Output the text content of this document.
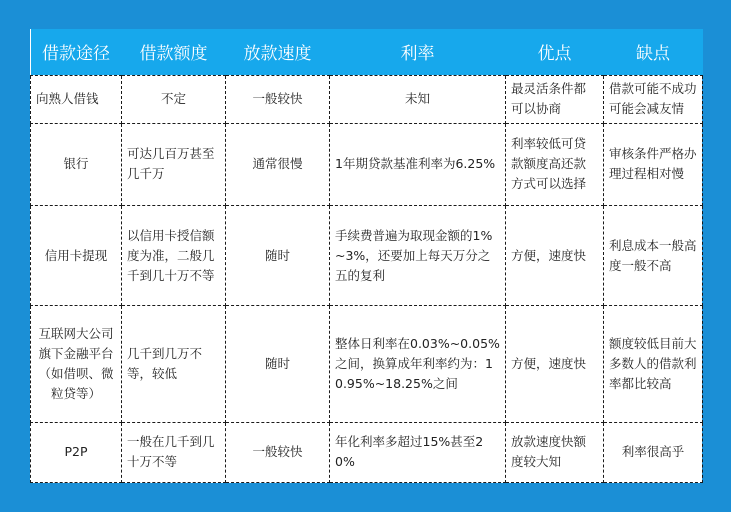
借款途径	借款额度	放款速度	利率	优点	缺点
向熟人借钱	不定	一般较快	未知	最灵活条件都可以协商	借款可能不成功可能会减友情
银行	可达几百万甚至几千万	通常很慢	1年期贷款基准利率为6.25%	利率较低可贷款额度高还款方式可以选择	审核条件严格办理过程相对慢
信用卡提现	以信用卡授信额度为准，二般几千到几十万不等	随时	手续费普遍为取现金额的1%~3%，还要加上每天万分之五的复利	方便，速度快	利息成本一般高度一般不高
互联网大公司旗下金融平台（如借呗、微粒贷等）	几千到几万不等，较低	随时	整体日利率在0.03%~0.05%之间，换算成年利率约为：10.95%~18.25%之间	方便，速度快	额度较低目前大多数人的借款利率都比较高
P2P	一般在几千到几十万不等	一般较快	年化利率多超过15%甚至20%	放款速度快额度较大知	利率很高乎
